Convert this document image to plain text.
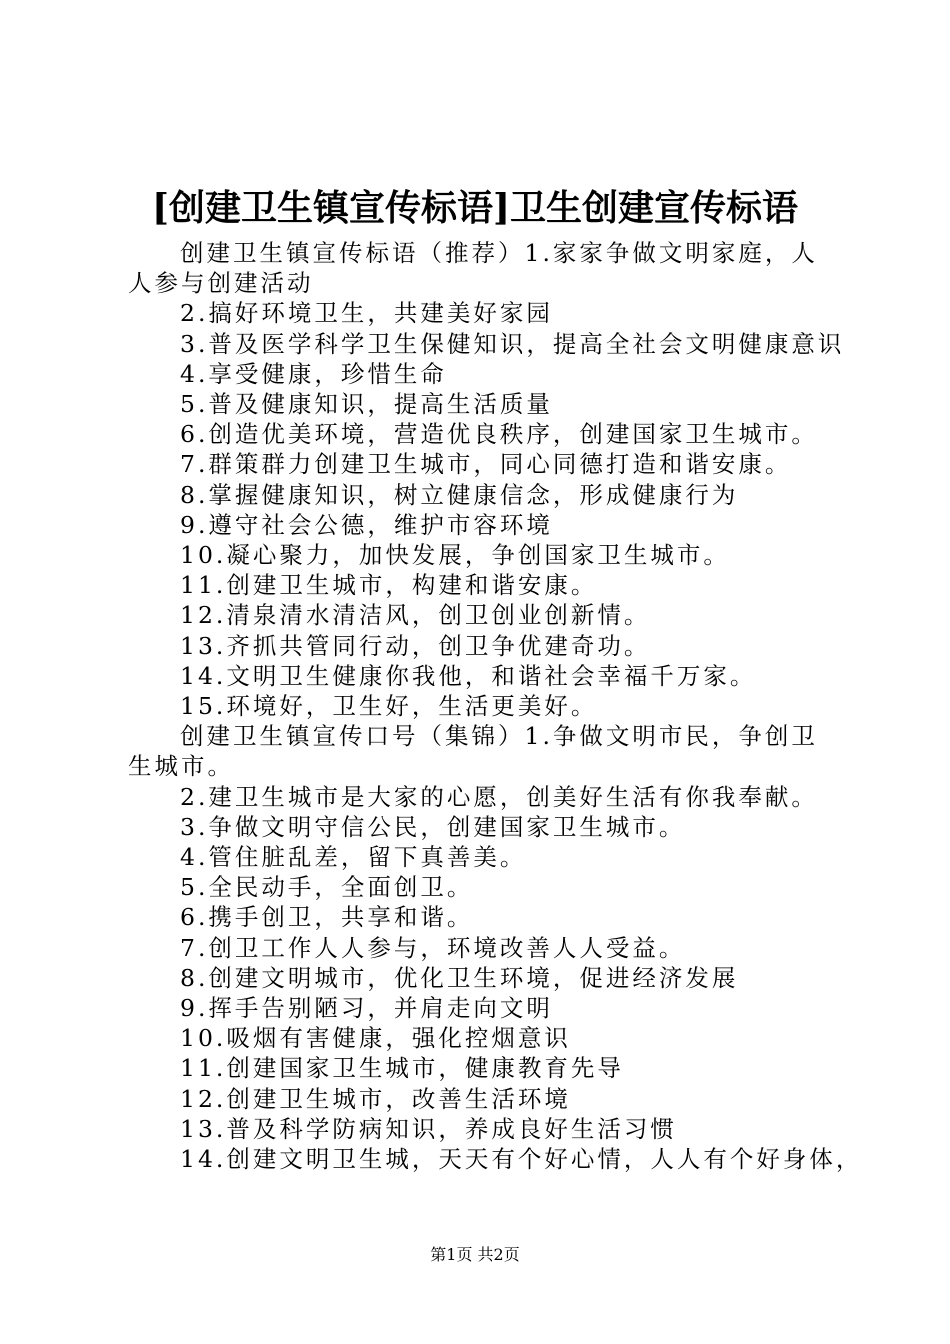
[创建卫生镇宣传标语]卫生创建宣传标语

创建卫生镇宣传标语（推荐）1.家家争做文明家庭，人人参与创建活动

2.搞好环境卫生，共建美好家园

3.普及医学科学卫生保健知识，提高全社会文明健康意识

4.享受健康，珍惜生命

5.普及健康知识，提高生活质量

6.创造优美环境，营造优良秩序，创建国家卫生城市。

7.群策群力创建卫生城市，同心同德打造和谐安康。

8.掌握健康知识，树立健康信念，形成健康行为

9.遵守社会公德，维护市容环境

10.凝心聚力，加快发展，争创国家卫生城市。

11.创建卫生城市，构建和谐安康。

12.清泉清水清洁风，创卫创业创新情。

13.齐抓共管同行动，创卫争优建奇功。

14.文明卫生健康你我他，和谐社会幸福千万家。

15.环境好，卫生好，生活更美好。

创建卫生镇宣传口号（集锦）1.争做文明市民，争创卫生城市。

2.建卫生城市是大家的心愿，创美好生活有你我奉献。

3.争做文明守信公民，创建国家卫生城市。

4.管住脏乱差，留下真善美。

5.全民动手，全面创卫。

6.携手创卫，共享和谐。

7.创卫工作人人参与，环境改善人人受益。

8.创建文明城市，优化卫生环境，促进经济发展

9.挥手告别陋习，并肩走向文明

10.吸烟有害健康，强化控烟意识

11.创建国家卫生城市，健康教育先导

12.创建卫生城市，改善生活环境

13.普及科学防病知识，养成良好生活习惯

14.创建文明卫生城，天天有个好心情，人人有个好身体，

第1页 共2页
